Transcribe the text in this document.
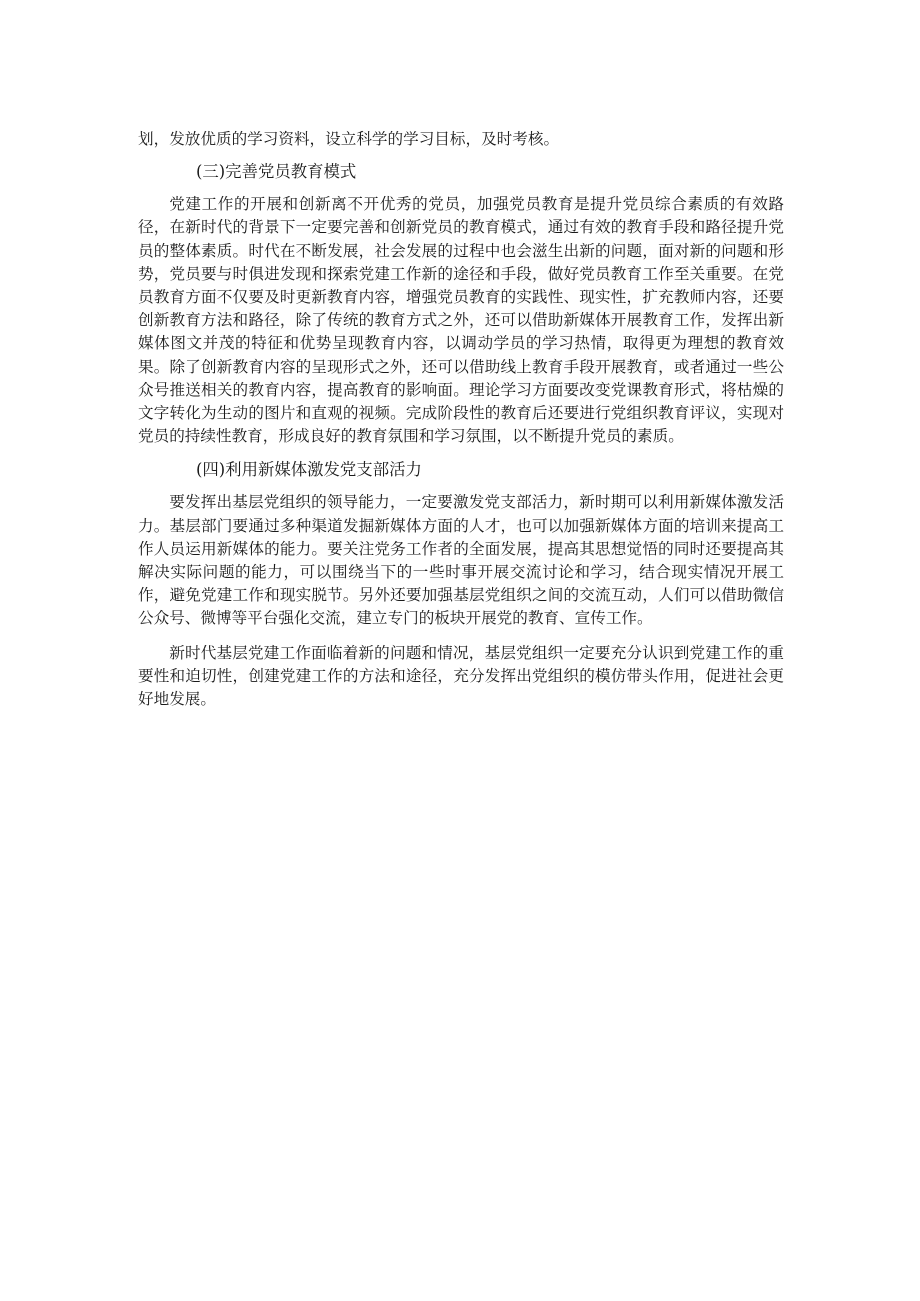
划，发放优质的学习资料，设立科学的学习目标，及时考核。

(三)完善党员教育模式

党建工作的开展和创新离不开优秀的党员，加强党员教育是提升党员综合素质的有效路径，在新时代的背景下一定要完善和创新党员的教育模式，通过有效的教育手段和路径提升党员的整体素质。时代在不断发展，社会发展的过程中也会滋生出新的问题，面对新的问题和形势，党员要与时俱进发现和探索党建工作新的途径和手段，做好党员教育工作至关重要。在党员教育方面不仅要及时更新教育内容，增强党员教育的实践性、现实性，扩充教师内容，还要创新教育方法和路径，除了传统的教育方式之外，还可以借助新媒体开展教育工作，发挥出新媒体图文并茂的特征和优势呈现教育内容，以调动学员的学习热情，取得更为理想的教育效果。除了创新教育内容的呈现形式之外，还可以借助线上教育手段开展教育，或者通过一些公众号推送相关的教育内容，提高教育的影响面。理论学习方面要改变党课教育形式，将枯燥的文字转化为生动的图片和直观的视频。完成阶段性的教育后还要进行党组织教育评议，实现对党员的持续性教育，形成良好的教育氛围和学习氛围，以不断提升党员的素质。

(四)利用新媒体激发党支部活力

要发挥出基层党组织的领导能力，一定要激发党支部活力，新时期可以利用新媒体激发活力。基层部门要通过多种渠道发掘新媒体方面的人才，也可以加强新媒体方面的培训来提高工作人员运用新媒体的能力。要关注党务工作者的全面发展，提高其思想觉悟的同时还要提高其解决实际问题的能力，可以围绕当下的一些时事开展交流讨论和学习，结合现实情况开展工作，避免党建工作和现实脱节。另外还要加强基层党组织之间的交流互动，人们可以借助微信公众号、微博等平台强化交流，建立专门的板块开展党的教育、宣传工作。

新时代基层党建工作面临着新的问题和情况，基层党组织一定要充分认识到党建工作的重要性和迫切性，创建党建工作的方法和途径，充分发挥出党组织的模仿带头作用，促进社会更好地发展。
